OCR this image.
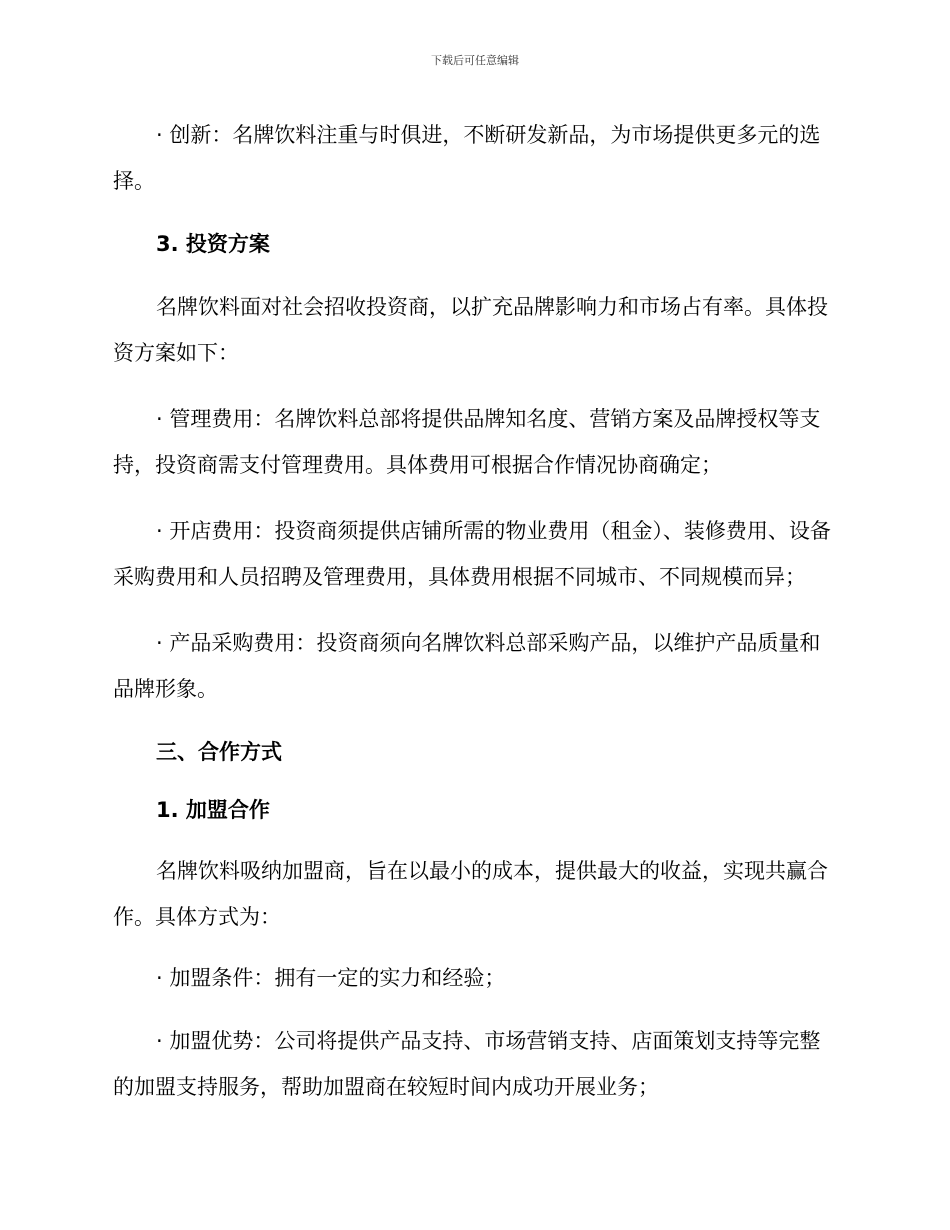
下载后可任意编辑

· 创新：名牌饮料注重与时俱进，不断研发新品，为市场提供更多元的选择。

3. 投资方案

名牌饮料面对社会招收投资商，以扩充品牌影响力和市场占有率。具体投资方案如下：

· 管理费用：名牌饮料总部将提供品牌知名度、营销方案及品牌授权等支持，投资商需支付管理费用。具体费用可根据合作情况协商确定；

· 开店费用：投资商须提供店铺所需的物业费用（租金）、装修费用、设备采购费用和人员招聘及管理费用，具体费用根据不同城市、不同规模而异；

· 产品采购费用：投资商须向名牌饮料总部采购产品，以维护产品质量和品牌形象。

三、合作方式

1. 加盟合作

名牌饮料吸纳加盟商，旨在以最小的成本，提供最大的收益，实现共赢合作。具体方式为：

· 加盟条件：拥有一定的实力和经验；

· 加盟优势：公司将提供产品支持、市场营销支持、店面策划支持等完整的加盟支持服务，帮助加盟商在较短时间内成功开展业务；
